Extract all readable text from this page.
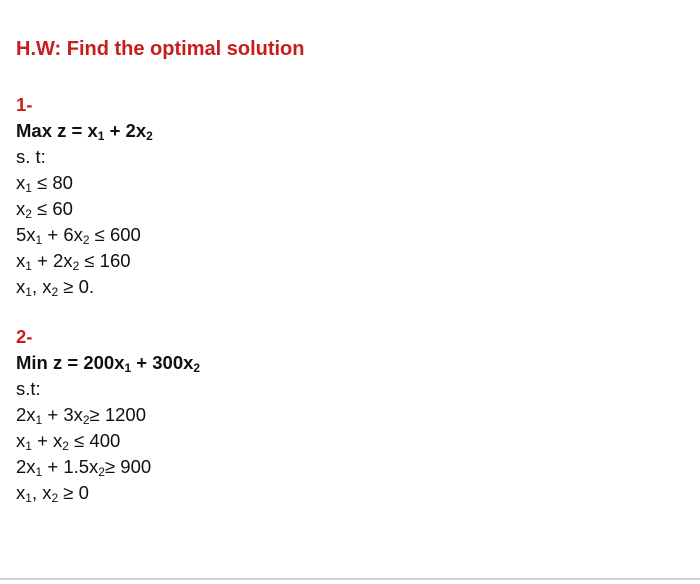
H.W: Find the optimal solution
1-
Max $z = x_1 + 2x_2$
s. t:
$x_1 \le 80$
$x_2 \le 60$
$5x_1 + 6x_2 \le 600$
$x_1 + 2x_2 \le 160$
$x_1$, $x_2 \ge 0$.
2-
Min $z = 200x_1 + 300x_2$
s.t:
$2x_1 + 3x_2\ge 1200$
$x_1 + x_2 \le 400$
$2x_1 + 1.5x_2\ge 900$
$x_1$, $x_2 \ge 0$
